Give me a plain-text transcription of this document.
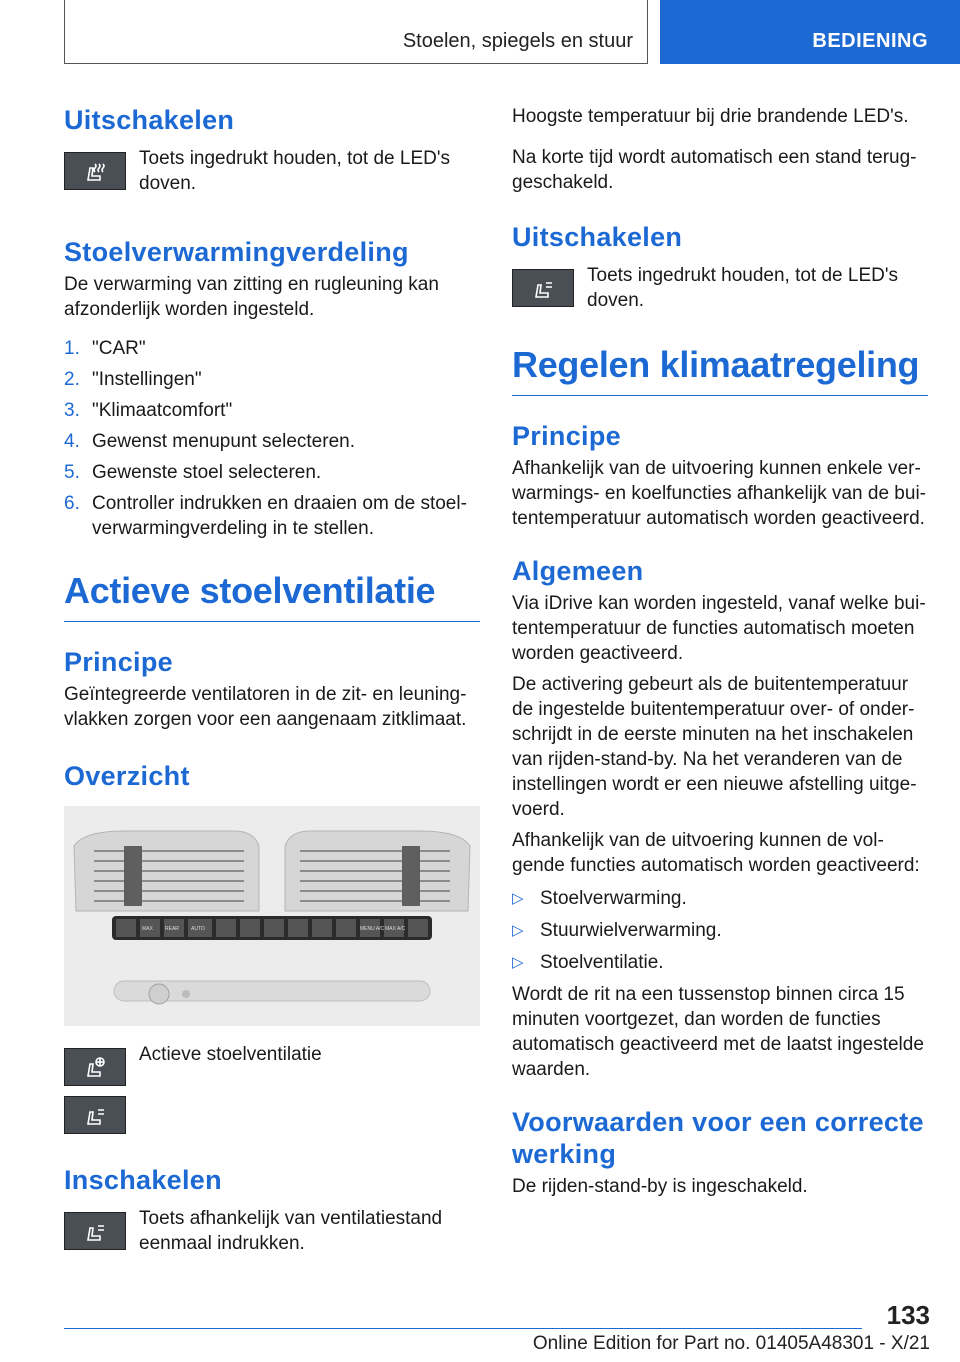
Stoelen, spiegels en stuur	BEDIENING
Uitschakelen
Toets ingedrukt houden, tot de LED's doven.
Stoelverwarmingverdeling

De verwarming van zitting en rugleuning kan afzonderlijk worden ingesteld.

1. "CAR"
2. "Instellingen"
3. "Klimaatcomfort"
4. Gewenst menupunt selecteren.
5. Gewenste stoel selecteren.
6. Controller indrukken en draaien om de stoelverwarmingverdeling in te stellen.
Actieve stoelventilatie
Principe

Geïntegreerde ventilatoren in de zit- en leuningvlakken zorgen voor een aangenaam zitklimaat.

Overzicht
MAX REAR AUTO	MENU A/C MAX A/C
Actieve stoelventilatie
Inschakelen
Toets afhankelijk van ventilatiestand eenmaal indrukken.

Hoogste temperatuur bij drie brandende LED's.

Na korte tijd wordt automatisch een stand teruggeschakeld.

Uitschakelen
Toets ingedrukt houden, tot de LED's doven.
Regelen klimaatregeling
Principe

Afhankelijk van de uitvoering kunnen enkele verwarmings- en koelfuncties afhankelijk van de buitentemperatuur automatisch worden geactiveerd.

Algemeen

Via iDrive kan worden ingesteld, vanaf welke buitentemperatuur de functies automatisch moeten worden geactiveerd.

De activering gebeurt als de buitentemperatuur de ingestelde buitentemperatuur over- of onderschrijdt in de eerste minuten na het inschakelen van rijden-stand-by. Na het veranderen van de instellingen wordt er een nieuwe afstelling uitgevoerd.

Afhankelijk van de uitvoering kunnen de volgende functies automatisch worden geactiveerd:

▷ Stoelverwarming.
▷ Stuurwielverwarming.
▷ Stoelventilatie.

Wordt de rit na een tussenstop binnen circa 15 minuten voortgezet, dan worden de functies automatisch geactiveerd met de laatst ingestelde waarden.

Voorwaarden voor een correcte werking

De rijden-stand-by is ingeschakeld.

133
Online Edition for Part no. 01405A48301 - X/21
